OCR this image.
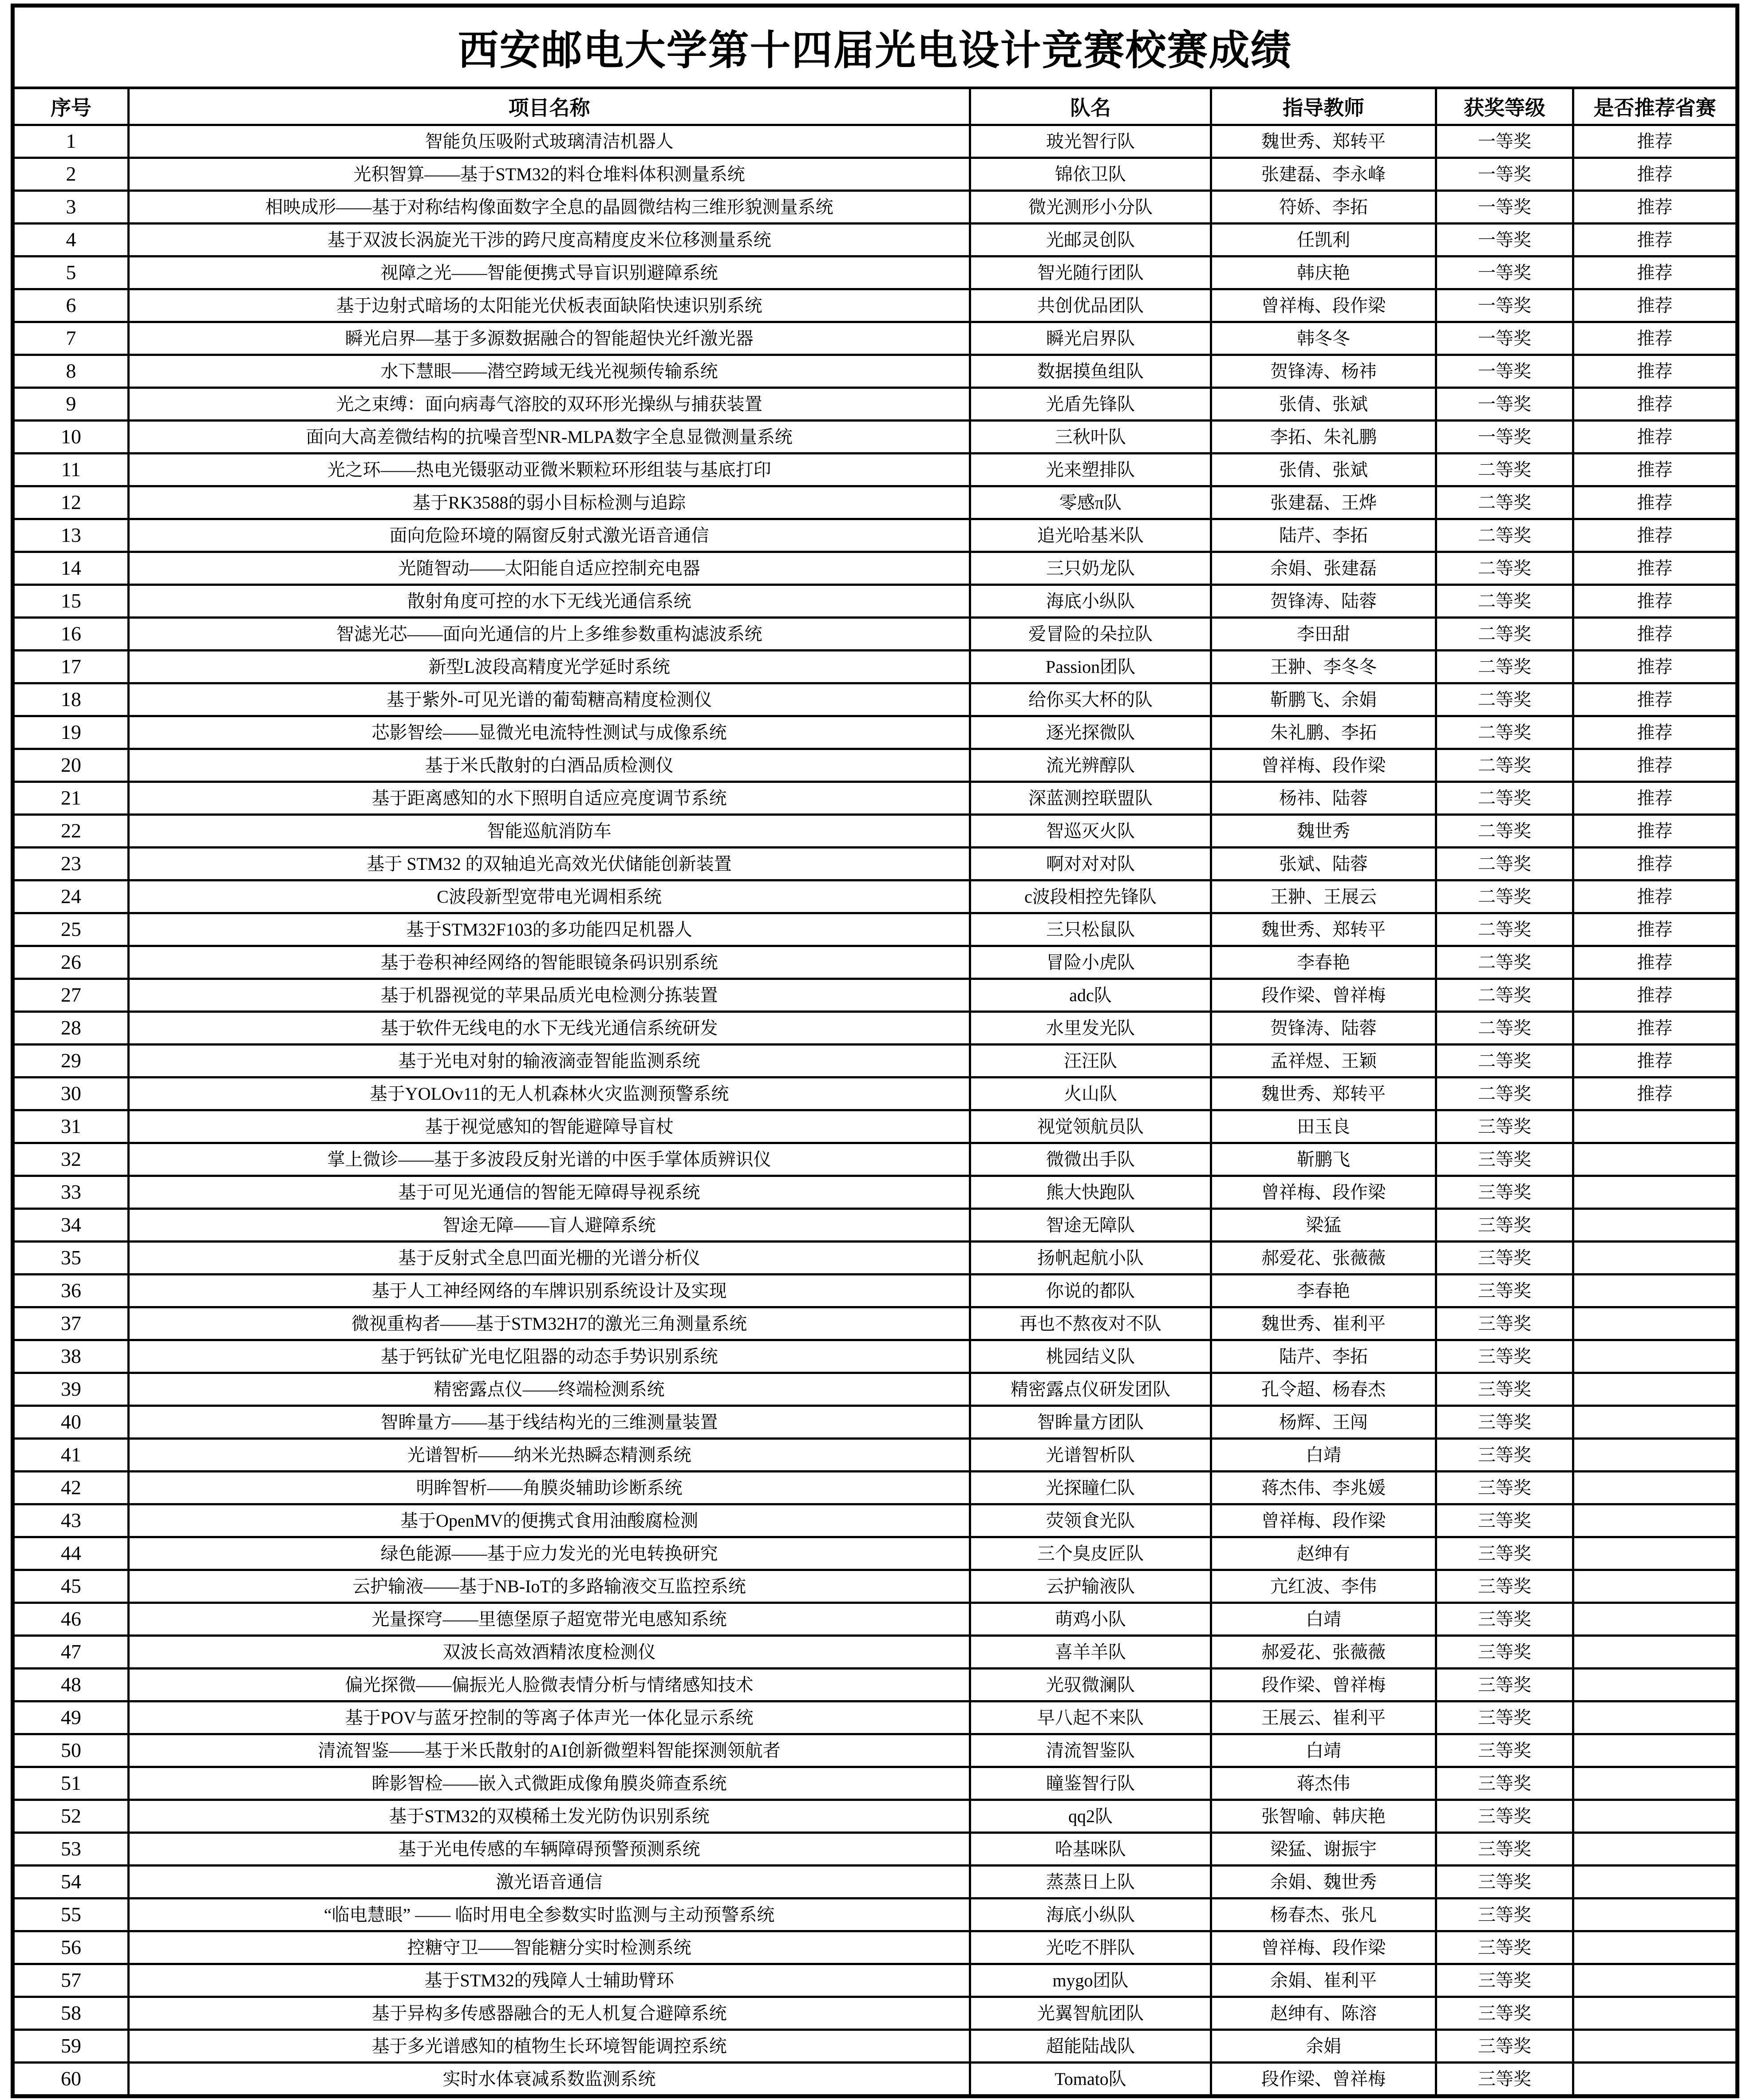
西安邮电大学第十四届光电设计竞赛校赛成绩					
序号	项目名称	队名	指导教师	获奖等级	是否推荐省赛
1	智能负压吸附式玻璃清洁机器人	玻光智行队	魏世秀、郑转平	一等奖	推荐
2	光积智算——基于STM32的料仓堆料体积测量系统	锦依卫队	张建磊、李永峰	一等奖	推荐
3	相映成形——基于对称结构像面数字全息的晶圆微结构三维形貌测量系统	微光测形小分队	符娇、李拓	一等奖	推荐
4	基于双波长涡旋光干涉的跨尺度高精度皮米位移测量系统	光邮灵创队	任凯利	一等奖	推荐
5	视障之光——智能便携式导盲识别避障系统	智光随行团队	韩庆艳	一等奖	推荐
6	基于边射式暗场的太阳能光伏板表面缺陷快速识别系统	共创优品团队	曾祥梅、段作梁	一等奖	推荐
7	瞬光启界—基于多源数据融合的智能超快光纤激光器	瞬光启界队	韩冬冬	一等奖	推荐
8	水下慧眼——潜空跨域无线光视频传输系统	数据摸鱼组队	贺锋涛、杨祎	一等奖	推荐
9	光之束缚：面向病毒气溶胶的双环形光操纵与捕获装置	光盾先锋队	张倩、张斌	一等奖	推荐
10	面向大高差微结构的抗噪音型NR-MLPA数字全息显微测量系统	三秋叶队	李拓、朱礼鹏	一等奖	推荐
11	光之环——热电光镊驱动亚微米颗粒环形组装与基底打印	光来塑排队	张倩、张斌	二等奖	推荐
12	基于RK3588的弱小目标检测与追踪	零感π队	张建磊、王烨	二等奖	推荐
13	面向危险环境的隔窗反射式激光语音通信	追光哈基米队	陆芹、李拓	二等奖	推荐
14	光随智动——太阳能自适应控制充电器	三只奶龙队	余娟、张建磊	二等奖	推荐
15	散射角度可控的水下无线光通信系统	海底小纵队	贺锋涛、陆蓉	二等奖	推荐
16	智滤光芯——面向光通信的片上多维参数重构滤波系统	爱冒险的朵拉队	李田甜	二等奖	推荐
17	新型L波段高精度光学延时系统	Passion团队	王翀、李冬冬	二等奖	推荐
18	基于紫外-可见光谱的葡萄糖高精度检测仪	给你买大杯的队	靳鹏飞、余娟	二等奖	推荐
19	芯影智绘——显微光电流特性测试与成像系统	逐光探微队	朱礼鹏、李拓	二等奖	推荐
20	基于米氏散射的白酒品质检测仪	流光辨醇队	曾祥梅、段作梁	二等奖	推荐
21	基于距离感知的水下照明自适应亮度调节系统	深蓝测控联盟队	杨祎、陆蓉	二等奖	推荐
22	智能巡航消防车	智巡灭火队	魏世秀	二等奖	推荐
23	基于 STM32 的双轴追光高效光伏储能创新装置	啊对对对队	张斌、陆蓉	二等奖	推荐
24	C波段新型宽带电光调相系统	c波段相控先锋队	王翀、王展云	二等奖	推荐
25	基于STM32F103的多功能四足机器人	三只松鼠队	魏世秀、郑转平	二等奖	推荐
26	基于卷积神经网络的智能眼镜条码识别系统	冒险小虎队	李春艳	二等奖	推荐
27	基于机器视觉的苹果品质光电检测分拣装置	adc队	段作梁、曾祥梅	二等奖	推荐
28	基于软件无线电的水下无线光通信系统研发	水里发光队	贺锋涛、陆蓉	二等奖	推荐
29	基于光电对射的输液滴壶智能监测系统	汪汪队	孟祥煜、王颖	二等奖	推荐
30	基于YOLOv11的无人机森林火灾监测预警系统	火山队	魏世秀、郑转平	二等奖	推荐
31	基于视觉感知的智能避障导盲杖	视觉领航员队	田玉良	三等奖	
32	掌上微诊——基于多波段反射光谱的中医手掌体质辨识仪	微微出手队	靳鹏飞	三等奖	
33	基于可见光通信的智能无障碍导视系统	熊大快跑队	曾祥梅、段作梁	三等奖	
34	智途无障——盲人避障系统	智途无障队	梁猛	三等奖	
35	基于反射式全息凹面光栅的光谱分析仪	扬帆起航小队	郝爱花、张薇薇	三等奖	
36	基于人工神经网络的车牌识别系统设计及实现	你说的都队	李春艳	三等奖	
37	微视重构者——基于STM32H7的激光三角测量系统	再也不熬夜对不队	魏世秀、崔利平	三等奖	
38	基于钙钛矿光电忆阻器的动态手势识别系统	桃园结义队	陆芹、李拓	三等奖	
39	精密露点仪——终端检测系统	精密露点仪研发团队	孔令超、杨春杰	三等奖	
40	智眸量方——基于线结构光的三维测量装置	智眸量方团队	杨辉、王闯	三等奖	
41	光谱智析——纳米光热瞬态精测系统	光谱智析队	白靖	三等奖	
42	明眸智析——角膜炎辅助诊断系统	光探瞳仁队	蒋杰伟、李兆媛	三等奖	
43	基于OpenMV的便携式食用油酸腐检测	荧领食光队	曾祥梅、段作梁	三等奖	
44	绿色能源——基于应力发光的光电转换研究	三个臭皮匠队	赵绅有	三等奖	
45	云护输液——基于NB-IoT的多路输液交互监控系统	云护输液队	亢红波、李伟	三等奖	
46	光量探穹——里德堡原子超宽带光电感知系统	萌鸡小队	白靖	三等奖	
47	双波长高效酒精浓度检测仪	喜羊羊队	郝爱花、张薇薇	三等奖	
48	偏光探微——偏振光人脸微表情分析与情绪感知技术	光驭微澜队	段作梁、曾祥梅	三等奖	
49	基于POV与蓝牙控制的等离子体声光一体化显示系统	早八起不来队	王展云、崔利平	三等奖	
50	清流智鉴——基于米氏散射的AI创新微塑料智能探测领航者	清流智鉴队	白靖	三等奖	
51	眸影智检——嵌入式微距成像角膜炎筛查系统	瞳鉴智行队	蒋杰伟	三等奖	
52	基于STM32的双模稀土发光防伪识别系统	qq2队	张智喻、韩庆艳	三等奖	
53	基于光电传感的车辆障碍预警预测系统	哈基咪队	梁猛、谢振宇	三等奖	
54	激光语音通信	蒸蒸日上队	余娟、魏世秀	三等奖	
55	“临电慧眼” —— 临时用电全参数实时监测与主动预警系统	海底小纵队	杨春杰、张凡	三等奖	
56	控糖守卫——智能糖分实时检测系统	光吃不胖队	曾祥梅、段作梁	三等奖	
57	基于STM32的残障人士辅助臂环	mygo团队	余娟、崔利平	三等奖	
58	基于异构多传感器融合的无人机复合避障系统	光翼智航团队	赵绅有、陈溶	三等奖	
59	基于多光谱感知的植物生长环境智能调控系统	超能陆战队	余娟	三等奖	
60	实时水体衰减系数监测系统	Tomato队	段作梁、曾祥梅	三等奖	
